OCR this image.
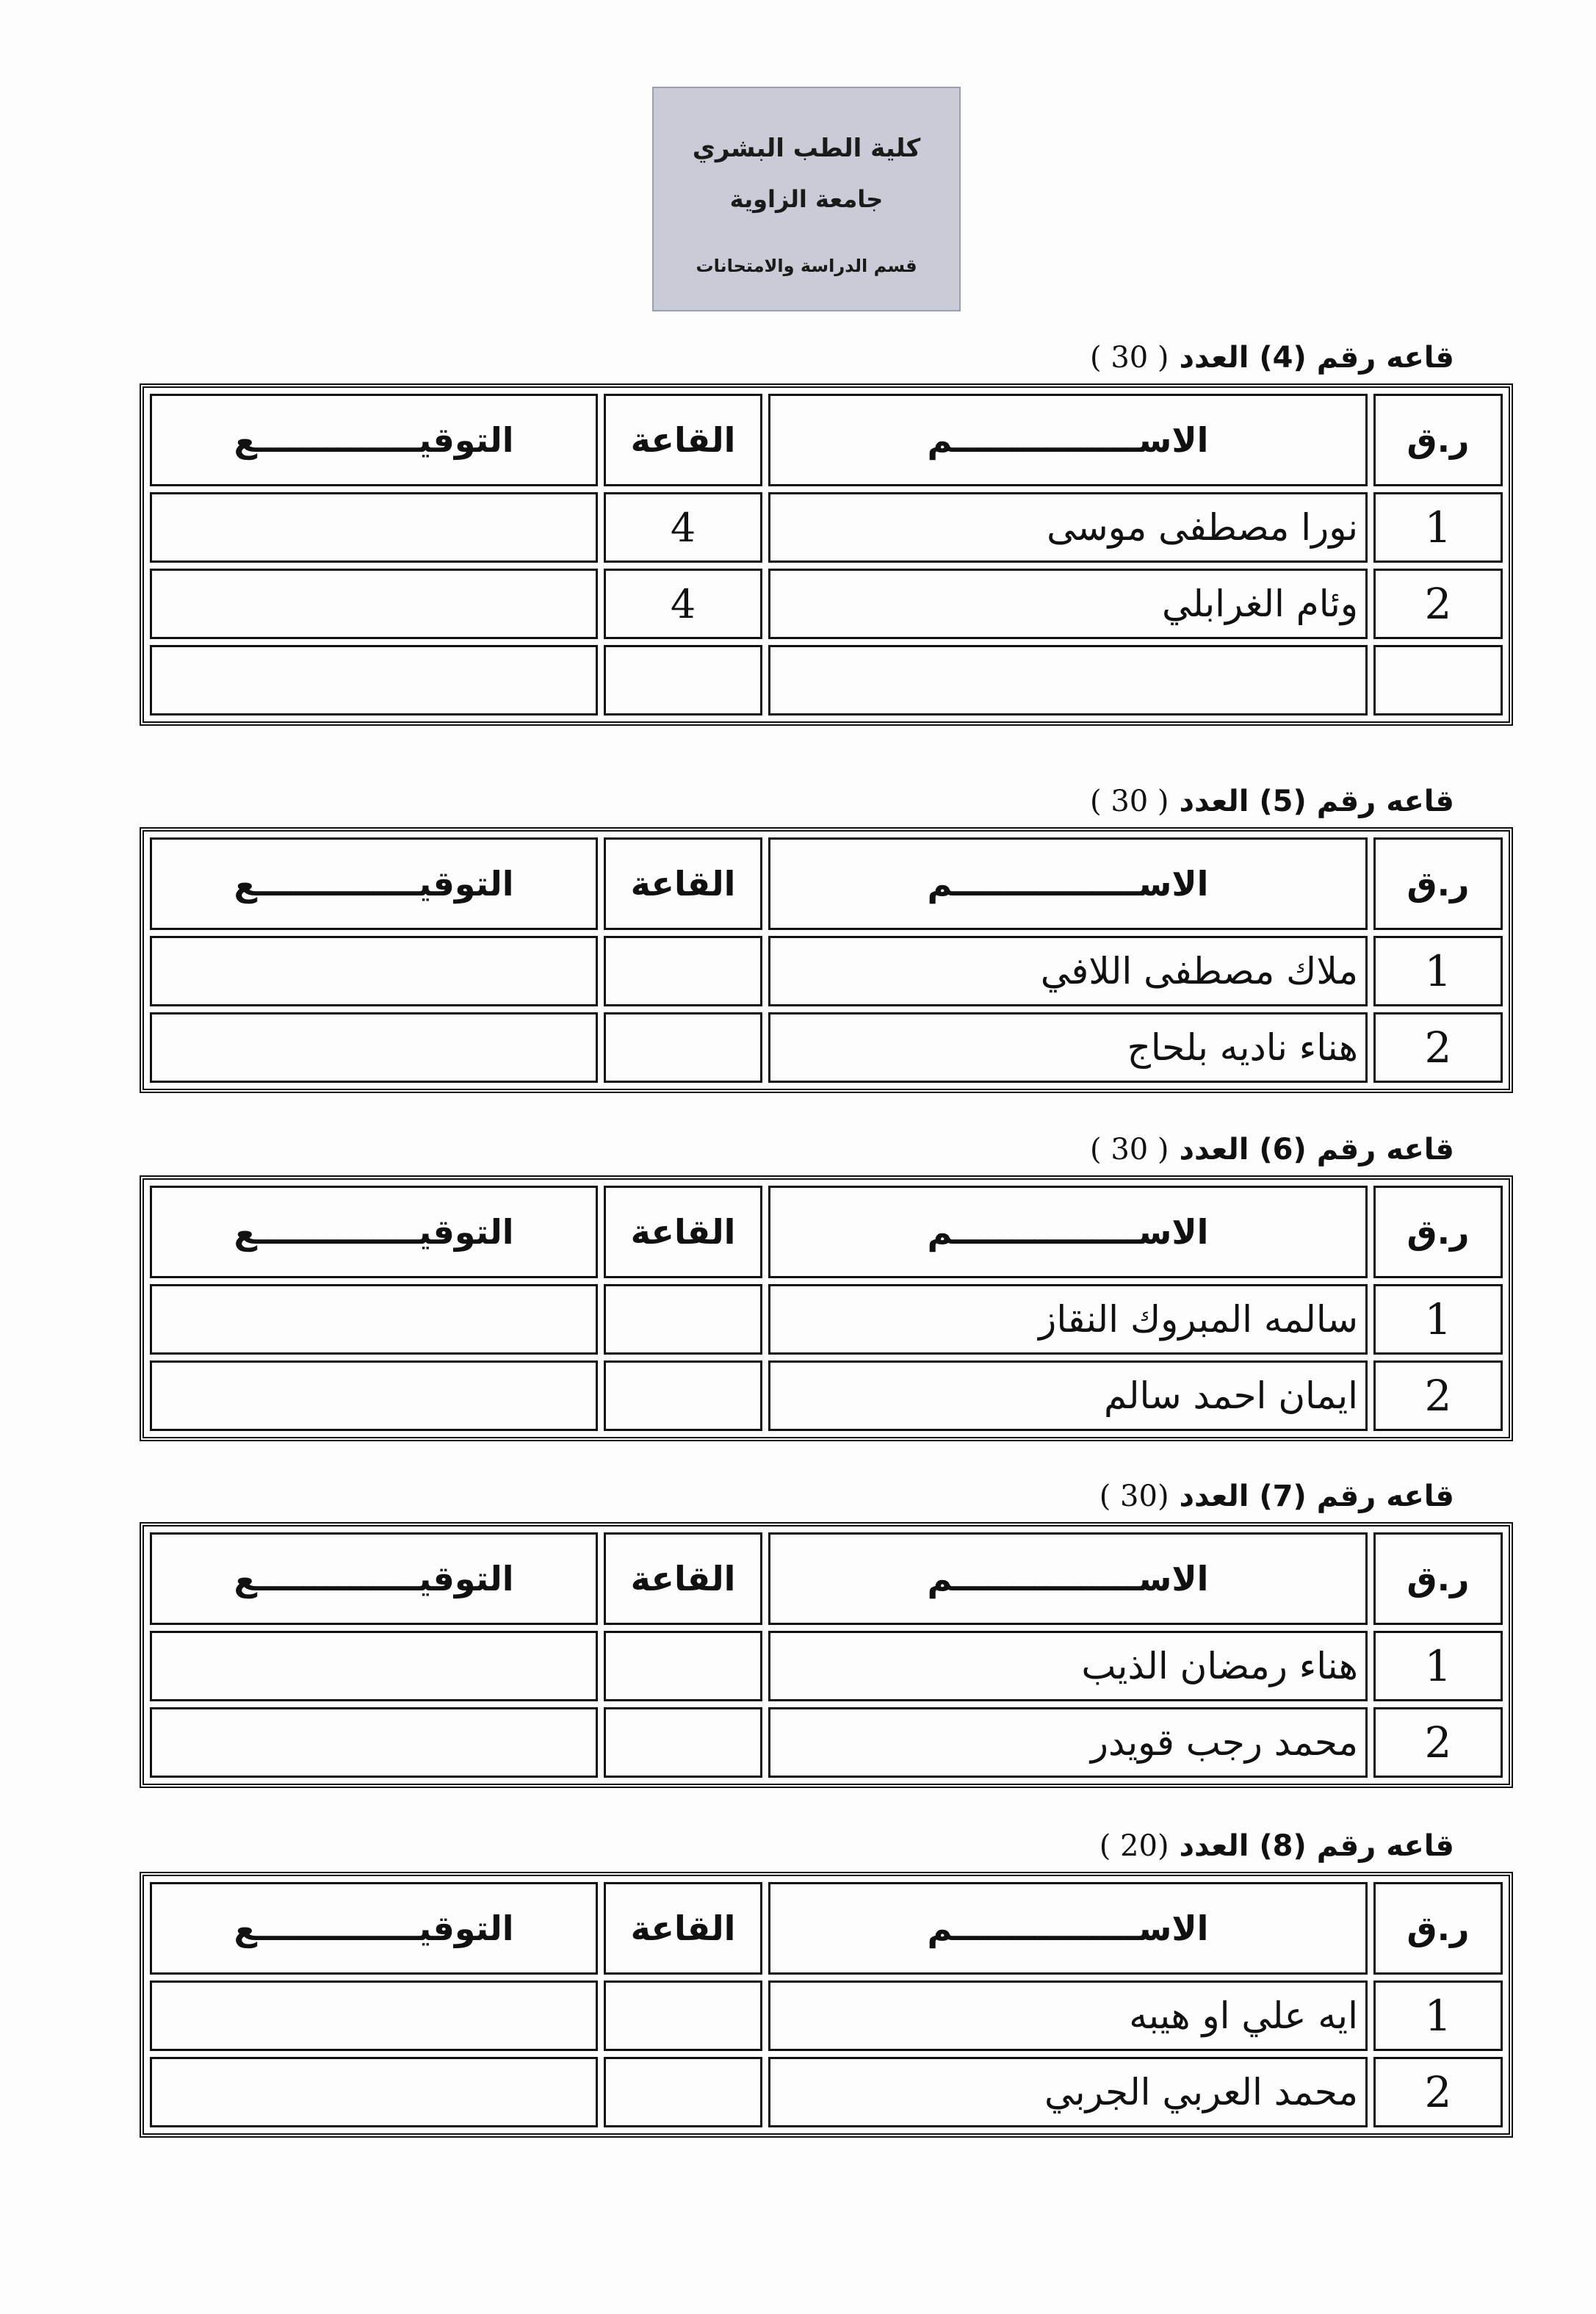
كلية الطب البشري
جامعة الزاوية
قسم الدراسة والامتحانات
قاعه رقم (4) العدد ( 30 )
ر.ق	الاســــــــــــــــم	القاعة	التوقيــــــــــــــع
1	نورا مصطفى موسى	4	
2	وئام الغرابلي	4	

قاعه رقم (5) العدد ( 30 )
ر.ق	الاســــــــــــــــم	القاعة	التوقيــــــــــــــع
1	ملاك مصطفى اللافي		
2	هناء ناديه بلحاج		
قاعه رقم (6) العدد ( 30 )
ر.ق	الاســــــــــــــــم	القاعة	التوقيــــــــــــــع
1	سالمه المبروك النقاز		
2	ايمان احمد سالم		
قاعه رقم (7) العدد (30 )
ر.ق	الاســــــــــــــــم	القاعة	التوقيــــــــــــــع
1	هناء رمضان الذيب		
2	محمد رجب قويدر		
قاعه رقم (8) العدد (20 )
ر.ق	الاســــــــــــــــم	القاعة	التوقيــــــــــــــع
1	ايه علي او هيبه		
2	محمد العربي الجربي		
